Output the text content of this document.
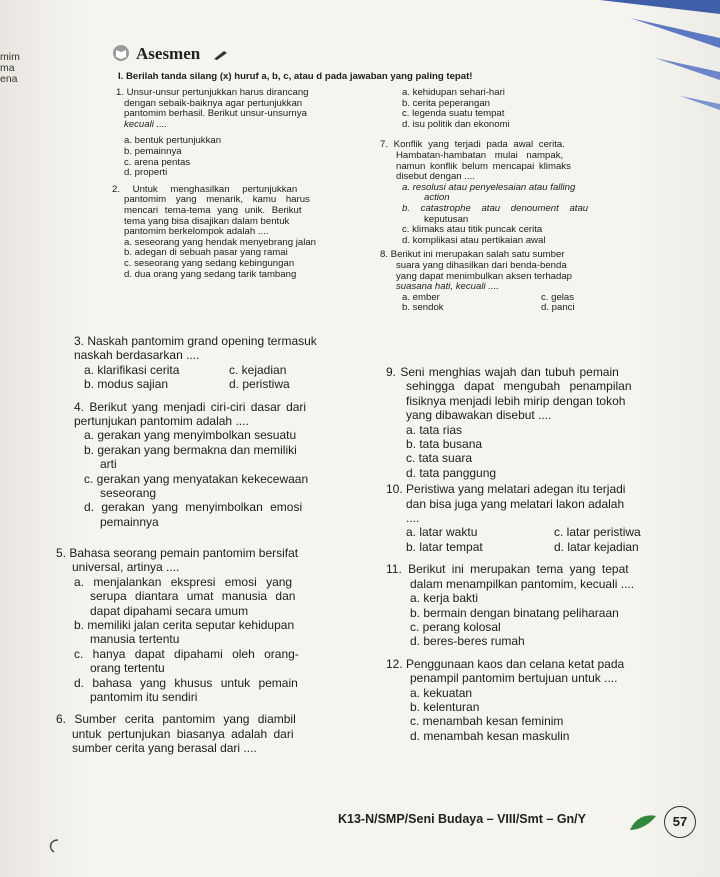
mim
ma
ena
Asesmen
I. Berilah tanda silang (x) huruf a, b, c, atau d pada jawaban yang paling tepat!

1. Unsur-unsur pertunjukkan harus dirancang

dengan sebaik-baiknya agar pertunjukkan

pantomim berhasil. Berikut unsur-unsurnya

kecuali ....

a. bentuk pertunjukkan

b. pemainnya

c. arena pentas

d. properti

2. Untuk menghasilkan pertunjukkan

pantomim yang menarik, kamu harus

mencari tema-tema yang unik. Berikut

tema yang bisa disajikan dalam bentuk

pantomim berkelompok adalah ....

a. seseorang yang hendak menyebrang jalan

b. adegan di sebuah pasar yang ramai

c. seseorang yang sedang kebingungan

d. dua orang yang sedang tarik tambang

3. Naskah pantomim grand opening termasuk

naskah berdasarkan ....

a. klarifikasi cerita	c. kejadian
b. modus sajian	d. peristiwa

4. Berikut yang menjadi ciri-ciri dasar dari

pertunjukan pantomim adalah ....

a. gerakan yang menyimbolkan sesuatu

b. gerakan yang bermakna dan memiliki

arti

c. gerakan yang menyatakan kekecewaan

seseorang

d. gerakan yang menyimbolkan emosi

pemainnya

5. Bahasa seorang pemain pantomim bersifat

universal, artinya ....

a. menjalankan ekspresi emosi yang

serupa diantara umat manusia dan

dapat dipahami secara umum

b. memiliki jalan cerita seputar kehidupan

manusia tertentu

c. hanya dapat dipahami oleh orang-

orang tertentu

d. bahasa yang khusus untuk pemain

pantomim itu sendiri

6. Sumber cerita pantomim yang diambil

untuk pertunjukan biasanya adalah dari

sumber cerita yang berasal dari ....

a. kehidupan sehari-hari

b. cerita peperangan

c. legenda suatu tempat

d. isu politik dan ekonomi

7. Konflik yang terjadi pada awal cerita.

Hambatan-hambatan mulai nampak,

namun konflik belum mencapai klimaks

disebut dengan ....

a. resolusi atau penyelesaian atau falling

action

b. catastrophe atau denoument atau

keputusan

c. klimaks atau titik puncak cerita

d. komplikasi atau pertikaian awal

8. Berikut ini merupakan salah satu sumber

suara yang dihasilkan dari benda-benda

yang dapat menimbulkan aksen terhadap

suasana hati, kecuali ....

a. ember	c. gelas
b. sendok	d. panci

9. Seni menghias wajah dan tubuh pemain

sehingga dapat mengubah penampilan

fisiknya menjadi lebih mirip dengan tokoh

yang dibawakan disebut ....

a. tata rias

b. tata busana

c. tata suara

d. tata panggung

10. Peristiwa yang melatari adegan itu terjadi

dan bisa juga yang melatari lakon adalah

....

a. latar waktu	c. latar peristiwa
b. latar tempat	d. latar kejadian

11. Berikut ini merupakan tema yang tepat

dalam menampilkan pantomim, kecuali ....

a. kerja bakti

b. bermain dengan binatang peliharaan

c. perang kolosal

d. beres-beres rumah

12. Penggunaan kaos dan celana ketat pada

penampil pantomim bertujuan untuk ....

a. kekuatan

b. kelenturan

c. menambah kesan feminim

d. menambah kesan maskulin

K13-N/SMP/Seni Budaya – VIII/Smt – Gn/Y	57
